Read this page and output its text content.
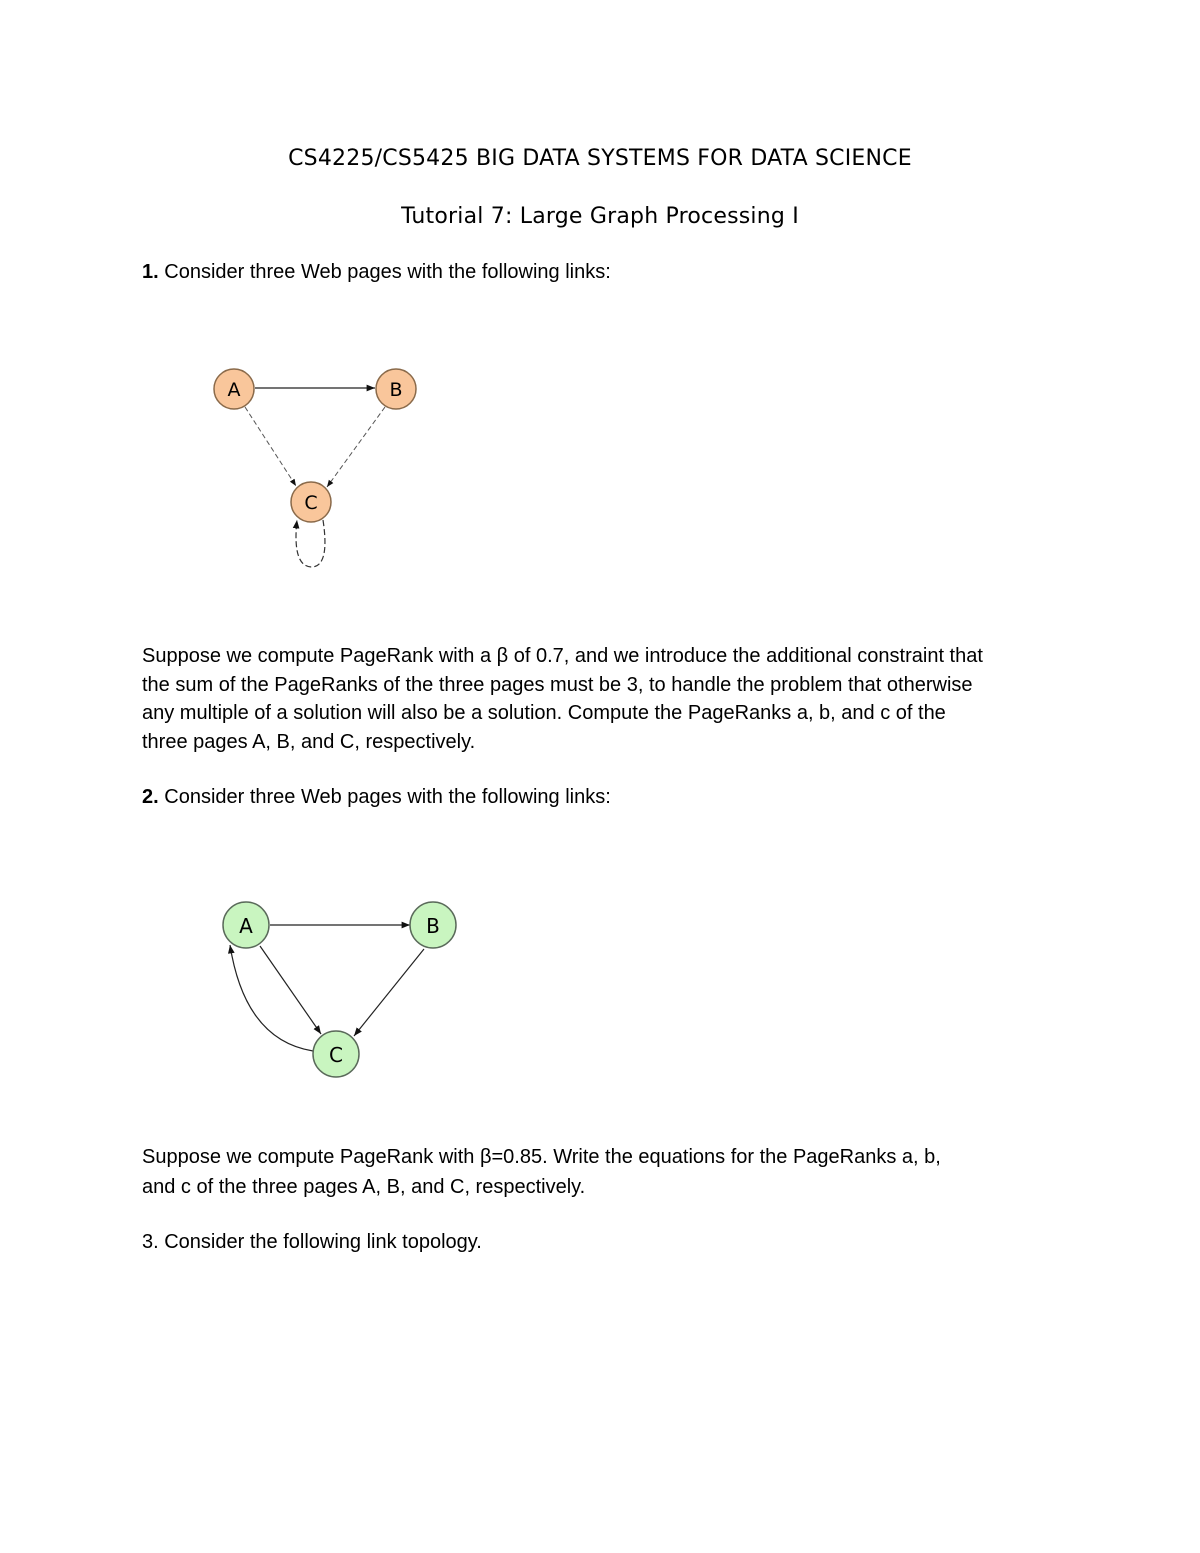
CS4225/CS5425 BIG DATA SYSTEMS FOR DATA SCIENCE
Tutorial 7: Large Graph Processing I
1. Consider three Web pages with the following links:
A	B
C
A	B
C
Suppose we compute PageRank with a β of 0.7, and we introduce the additional constraint that
the sum of the PageRanks of the three pages must be 3, to handle the problem that otherwise
any multiple of a solution will also be a solution. Compute the PageRanks a, b, and c of the
three pages A, B, and C, respectively.
2. Consider three Web pages with the following links:
Suppose we compute PageRank with β=0.85. Write the equations for the PageRanks a, b,
and c of the three pages A, B, and C, respectively.
3. Consider the following link topology.
